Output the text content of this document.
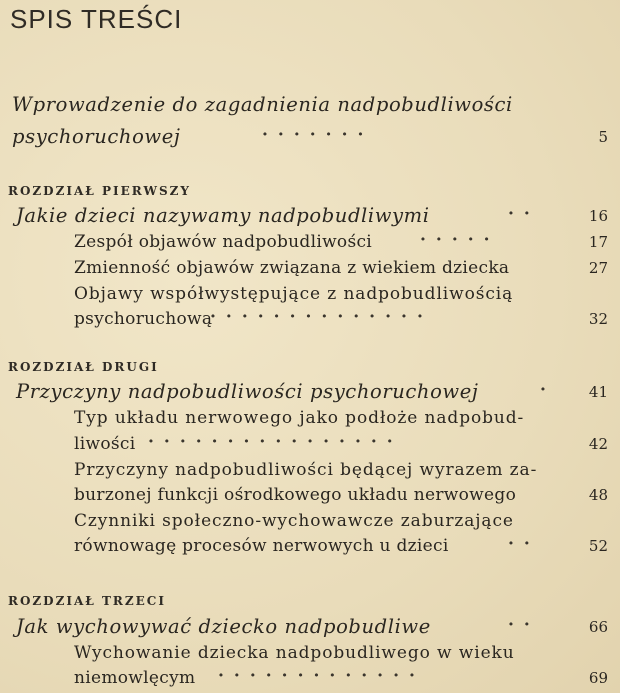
SPIS TREŚCI
Wprowadzenie do zagadnienia nadpobudliwości
psychoruchowej	·······	5
ROZDZIAŁ PIERWSZY
Jakie dzieci nazywamy nadpobudliwymi	··	16
Zespół objawów nadpobudliwości	·····	17
Zmienność objawów związana z wiekiem dziecka	27
Objawy współwystępujące z nadpobudliwością
psychoruchową
··············	32
ROZDZIAŁ DRUGI
Przyczyny nadpobudliwości psychoruchowej	·	41
Typ układu nerwowego jako podłoże nadpobud-
liwości ················	42
Przyczyny nadpobudliwości będącej wyrazem za-
burzonej funkcji ośrodkowego układu nerwowego	48
Czynniki społeczno-wychowawcze zaburzające
równowagę procesów nerwowych u dzieci	··	52
ROZDZIAŁ TRZECI
Jak wychowywać dziecko nadpobudliwe	··	66
Wychowanie dziecka nadpobudliwego w wieku
niemowlęcym ·············	69
